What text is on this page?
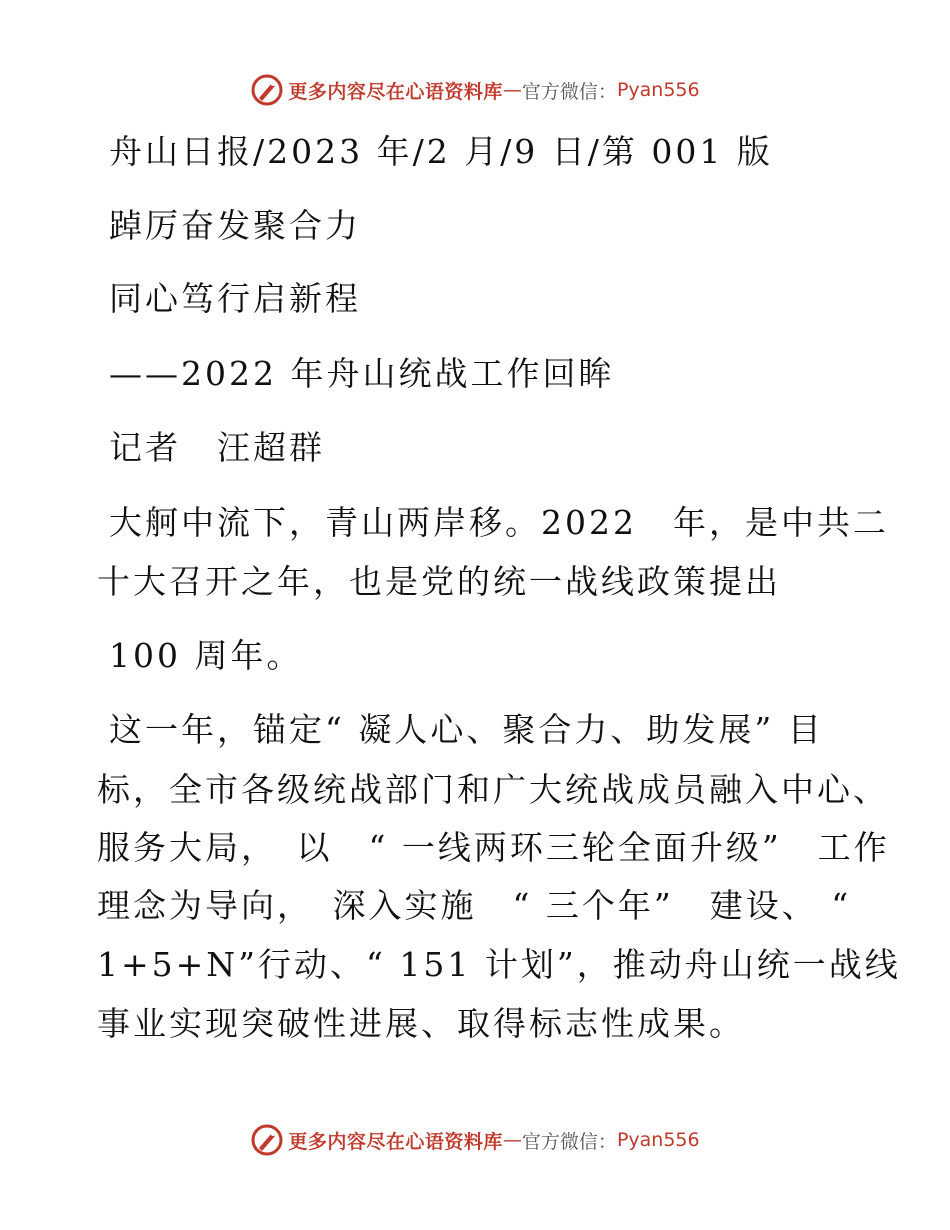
更多内容尽在心语资料库 — 官方微信： Pyan556
舟山日报/2023 年/2 月/9 日/第 001 版
踔厉奋发聚合力
同心笃行启新程
——2022 年舟山统战工作回眸
记者　汪超群
大舸中流下，青山两岸移。2022　年，是中共二
十大召开之年，也是党的统一战线政策提出
100 周年。
这一年，锚定“ 凝人心、聚合力、助发展” 目
标，全市各级统战部门和广大统战成员融入中心、
服务大局，　以　“ 一线两环三轮全面升级”　工作
理念为导向，　深入实施　“ 三个年”　建设、 “
1+5+N”行动、“ 151 计划”，推动舟山统一战线
事业实现突破性进展、取得标志性成果。
更多内容尽在心语资料库 — 官方微信： Pyan556
